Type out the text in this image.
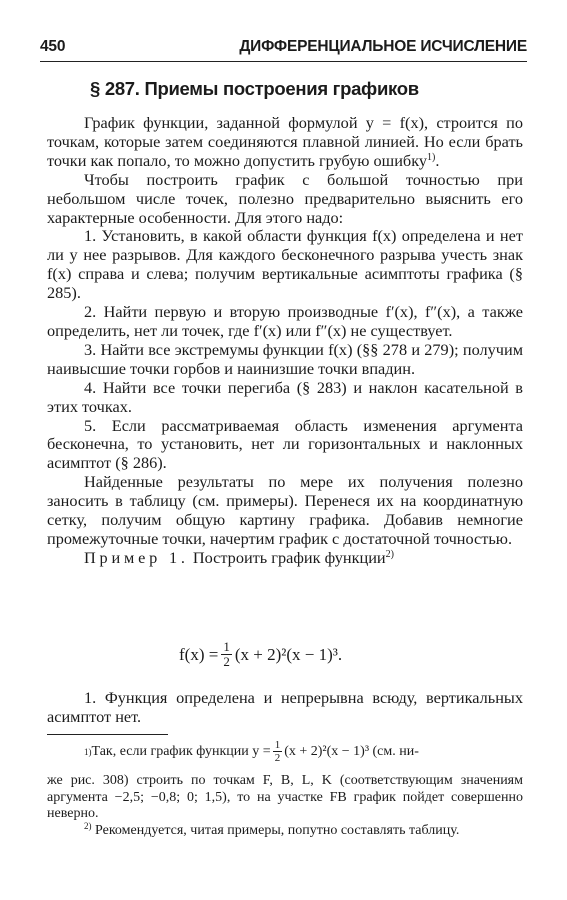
450	ДИФФЕРЕНЦИАЛЬНОЕ ИСЧИСЛЕНИЕ
§ 287. Приемы построения графиков

График функции, заданной формулой y = f(x), строится по точкам, которые затем соединяются плавной линией. Но если брать точки как попало, то можно допустить грубую ошибку$^{1)}$.

Чтобы построить график с большой точностью при небольшом числе точек, полезно предварительно выяснить его характерные особенности. Для этого надо:

1. Установить, в какой области функция f(x) определена и нет ли у нее разрывов. Для каждого бесконечного разрыва учесть знак f(x) справа и слева; получим вертикальные асимптоты графика (§ 285).

2. Найти первую и вторую производные f′(x), f″(x), а также определить, нет ли точек, где f′(x) или f″(x) не существует.

3. Найти все экстремумы функции f(x) (§§ 278 и 279); получим наивысшие точки горбов и наинизшие точки впадин.

4. Найти все точки перегиба (§ 283) и наклон касательной в этих точках.

5. Если рассматриваемая область изменения аргумента бесконечна, то установить, нет ли горизонтальных и наклонных асимптот (§ 286).

Найденные результаты по мере их получения полезно заносить в таблицу (см. примеры). Перенеся их на координатную сетку, получим общую картину графика. Добавив немногие промежуточные точки, начертим график с достаточной точностью.

Пример 1. Построить график функции$^{2)}$

$f(x) = \frac{1}{2} (x + 2)^2(x - 1)^3$.

1. Функция определена и непрерывна всюду, вертикальных асимптот нет.

1) Так, если график функции $y = \frac{1}{2} (x + 2)^2(x - 1)^3$ (см. ни-

же рис. 308) строить по точкам F, B, L, K (соответствующим значениям аргумента −2,5; −0,8; 0; 1,5), то на участке FB график пойдет совершенно неверно.

$^{2)}$ Рекомендуется, читая примеры, попутно составлять таблицу.
